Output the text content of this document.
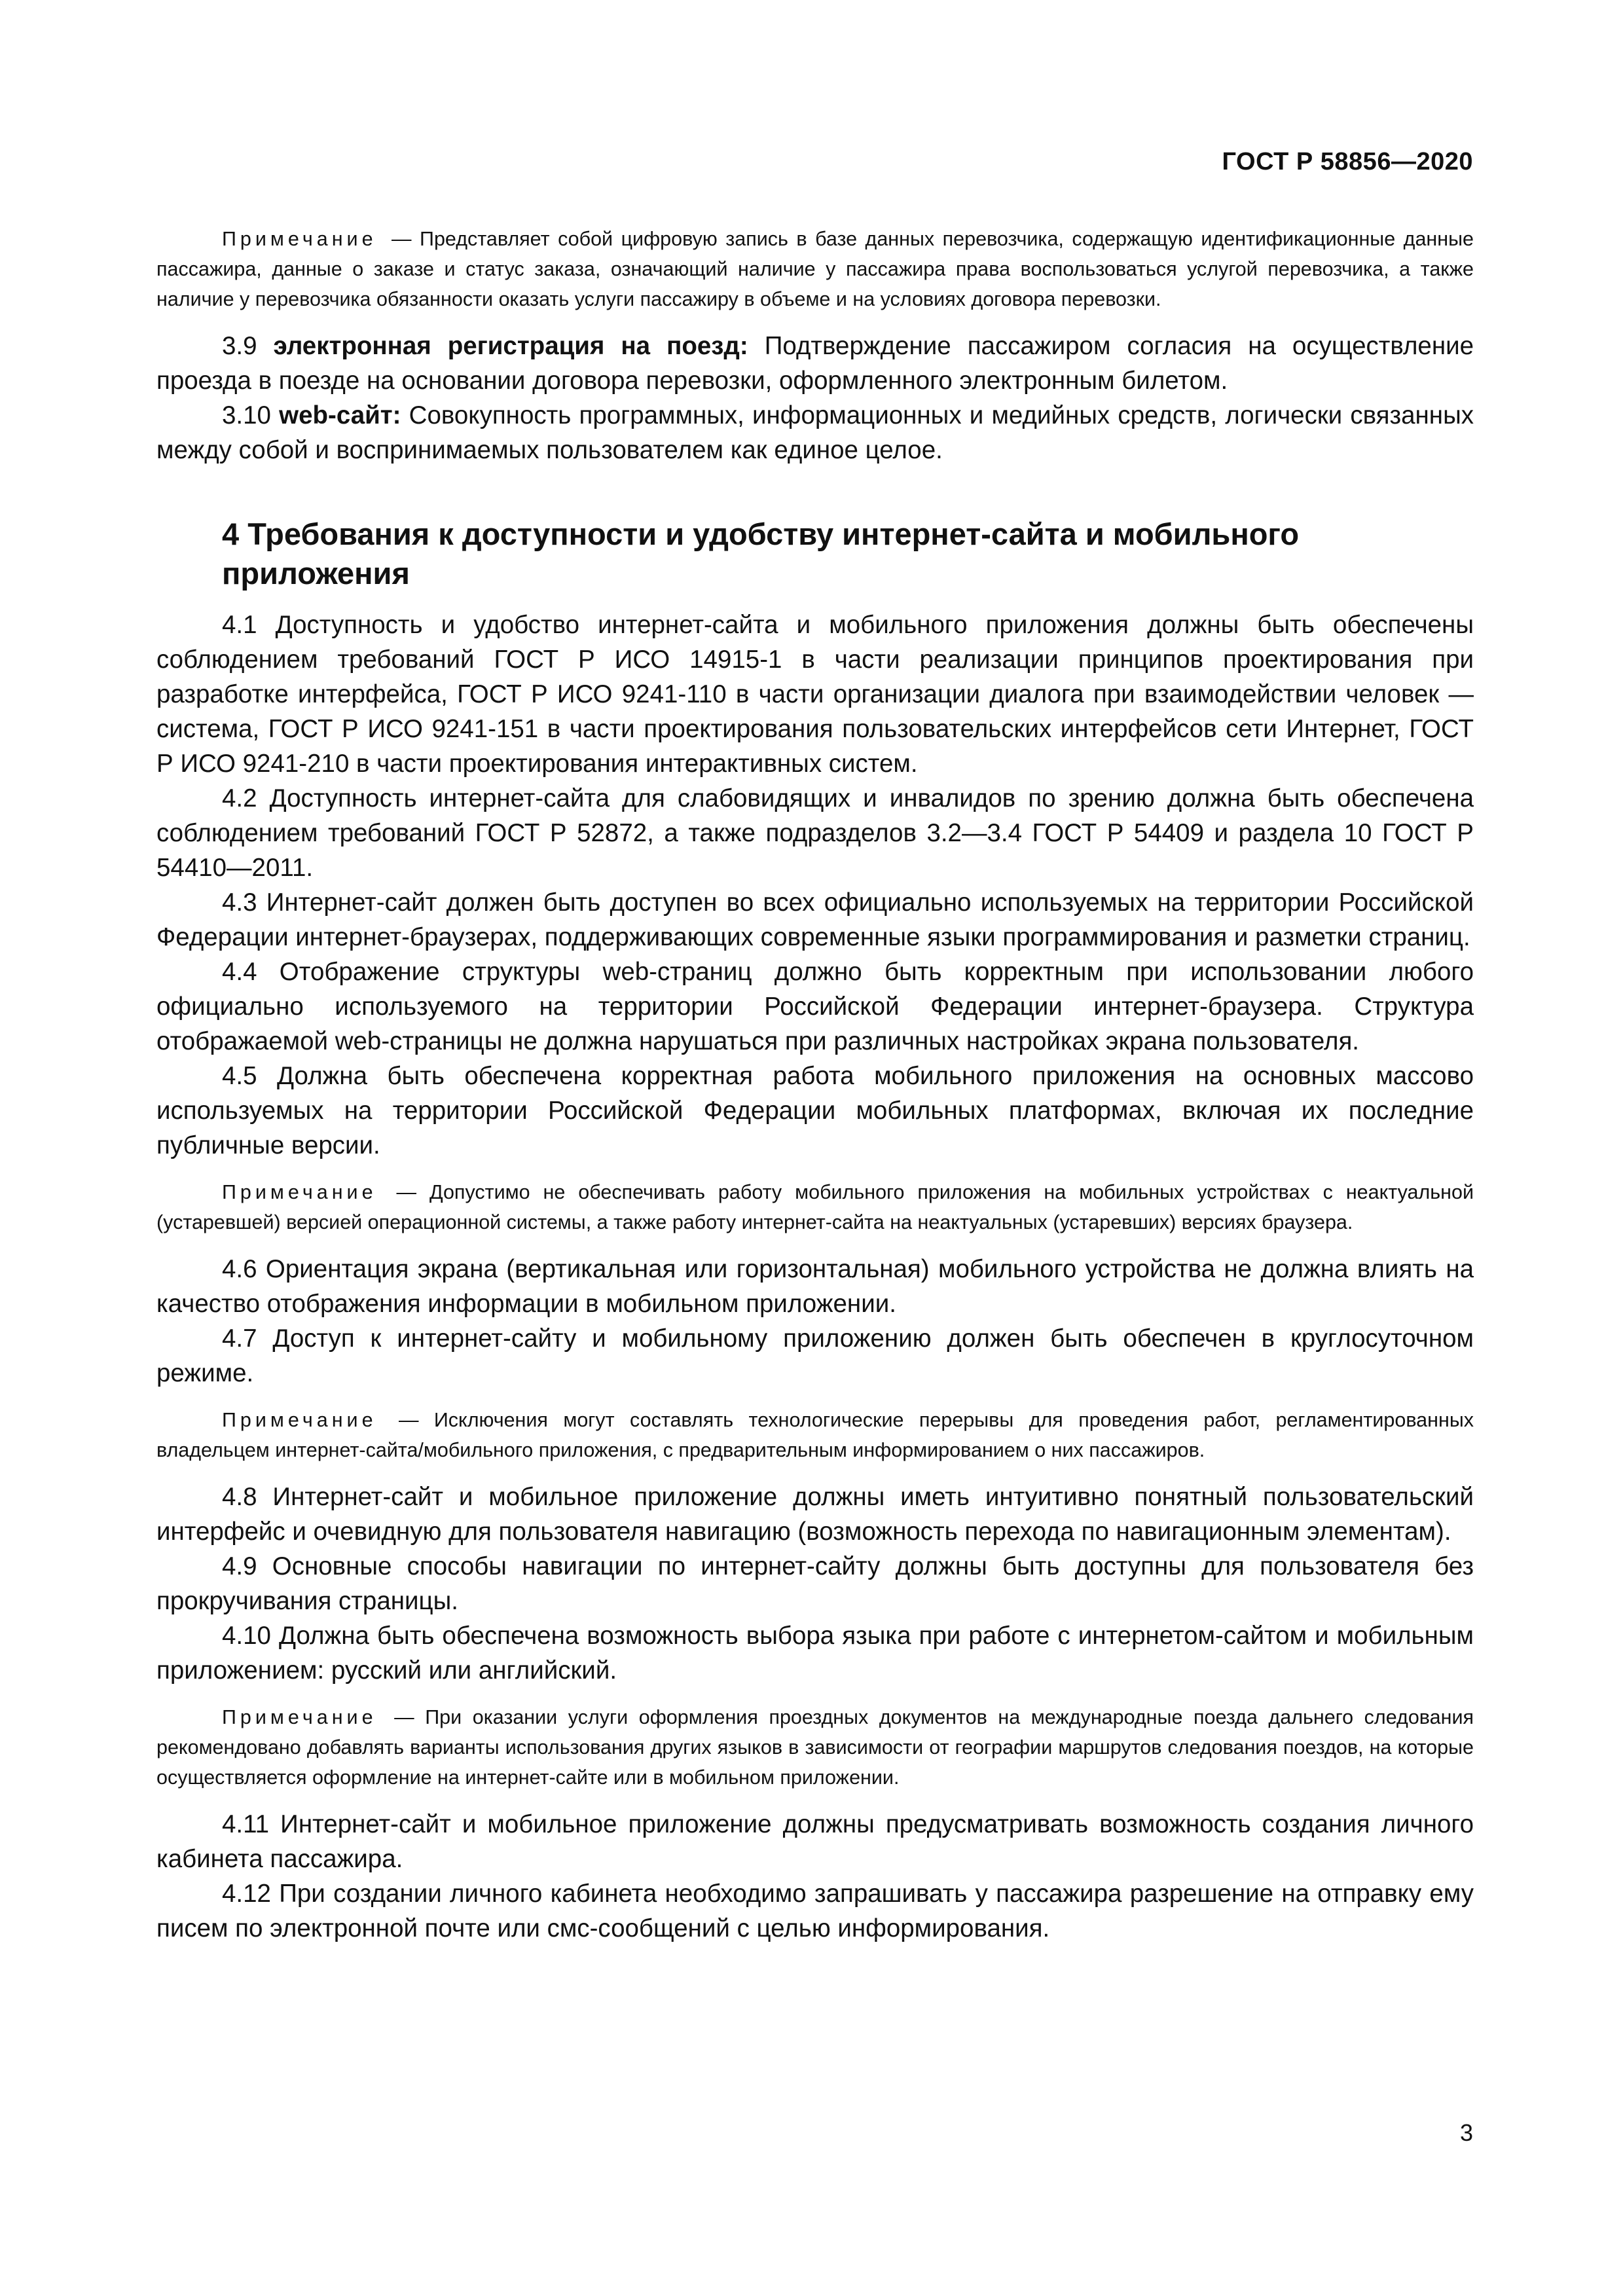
ГОСТ Р 58856—2020

Примечание — Представляет собой цифровую запись в базе данных перевозчика, содержащую идентификационные данные пассажира, данные о заказе и статус заказа, означающий наличие у пассажира права воспользоваться услугой перевозчика, а также наличие у перевозчика обязанности оказать услуги пассажиру в объеме и на условиях договора перевозки.

3.9 электронная регистрация на поезд: Подтверждение пассажиром согласия на осуществление проезда в поезде на основании договора перевозки, оформленного электронным билетом.

3.10 web-сайт: Совокупность программных, информационных и медийных средств, логически связанных между собой и воспринимаемых пользователем как единое целое.

4 Требования к доступности и удобству интернет-сайта и мобильного приложения

4.1 Доступность и удобство интернет-сайта и мобильного приложения должны быть обеспечены соблюдением требований ГОСТ Р ИСО 14915-1 в части реализации принципов проектирования при разработке интерфейса, ГОСТ Р ИСО 9241-110 в части организации диалога при взаимодействии человек — система, ГОСТ Р ИСО 9241-151 в части проектирования пользовательских интерфейсов сети Интернет, ГОСТ Р ИСО 9241-210 в части проектирования интерактивных систем.

4.2 Доступность интернет-сайта для слабовидящих и инвалидов по зрению должна быть обеспечена соблюдением требований ГОСТ Р 52872, а также подразделов 3.2—3.4 ГОСТ Р 54409 и раздела 10 ГОСТ Р 54410—2011.

4.3 Интернет-сайт должен быть доступен во всех официально используемых на территории Российской Федерации интернет-браузерах, поддерживающих современные языки программирования и разметки страниц.

4.4 Отображение структуры web-страниц должно быть корректным при использовании любого официально используемого на территории Российской Федерации интернет-браузера. Структура отображаемой web-страницы не должна нарушаться при различных настройках экрана пользователя.

4.5 Должна быть обеспечена корректная работа мобильного приложения на основных массово используемых на территории Российской Федерации мобильных платформах, включая их последние публичные версии.

Примечание — Допустимо не обеспечивать работу мобильного приложения на мобильных устройствах с неактуальной (устаревшей) версией операционной системы, а также работу интернет-сайта на неактуальных (устаревших) версиях браузера.

4.6 Ориентация экрана (вертикальная или горизонтальная) мобильного устройства не должна влиять на качество отображения информации в мобильном приложении.

4.7 Доступ к интернет-сайту и мобильному приложению должен быть обеспечен в круглосуточном режиме.

Примечание — Исключения могут составлять технологические перерывы для проведения работ, регламентированных владельцем интернет-сайта/мобильного приложения, с предварительным информированием о них пассажиров.

4.8 Интернет-сайт и мобильное приложение должны иметь интуитивно понятный пользовательский интерфейс и очевидную для пользователя навигацию (возможность перехода по навигационным элементам).

4.9 Основные способы навигации по интернет-сайту должны быть доступны для пользователя без прокручивания страницы.

4.10 Должна быть обеспечена возможность выбора языка при работе с интернетом-сайтом и мобильным приложением: русский или английский.

Примечание — При оказании услуги оформления проездных документов на международные поезда дальнего следования рекомендовано добавлять варианты использования других языков в зависимости от географии маршрутов следования поездов, на которые осуществляется оформление на интернет-сайте или в мобильном приложении.

4.11 Интернет-сайт и мобильное приложение должны предусматривать возможность создания личного кабинета пассажира.

4.12 При создании личного кабинета необходимо запрашивать у пассажира разрешение на отправку ему писем по электронной почте или смс-сообщений с целью информирования.

3
